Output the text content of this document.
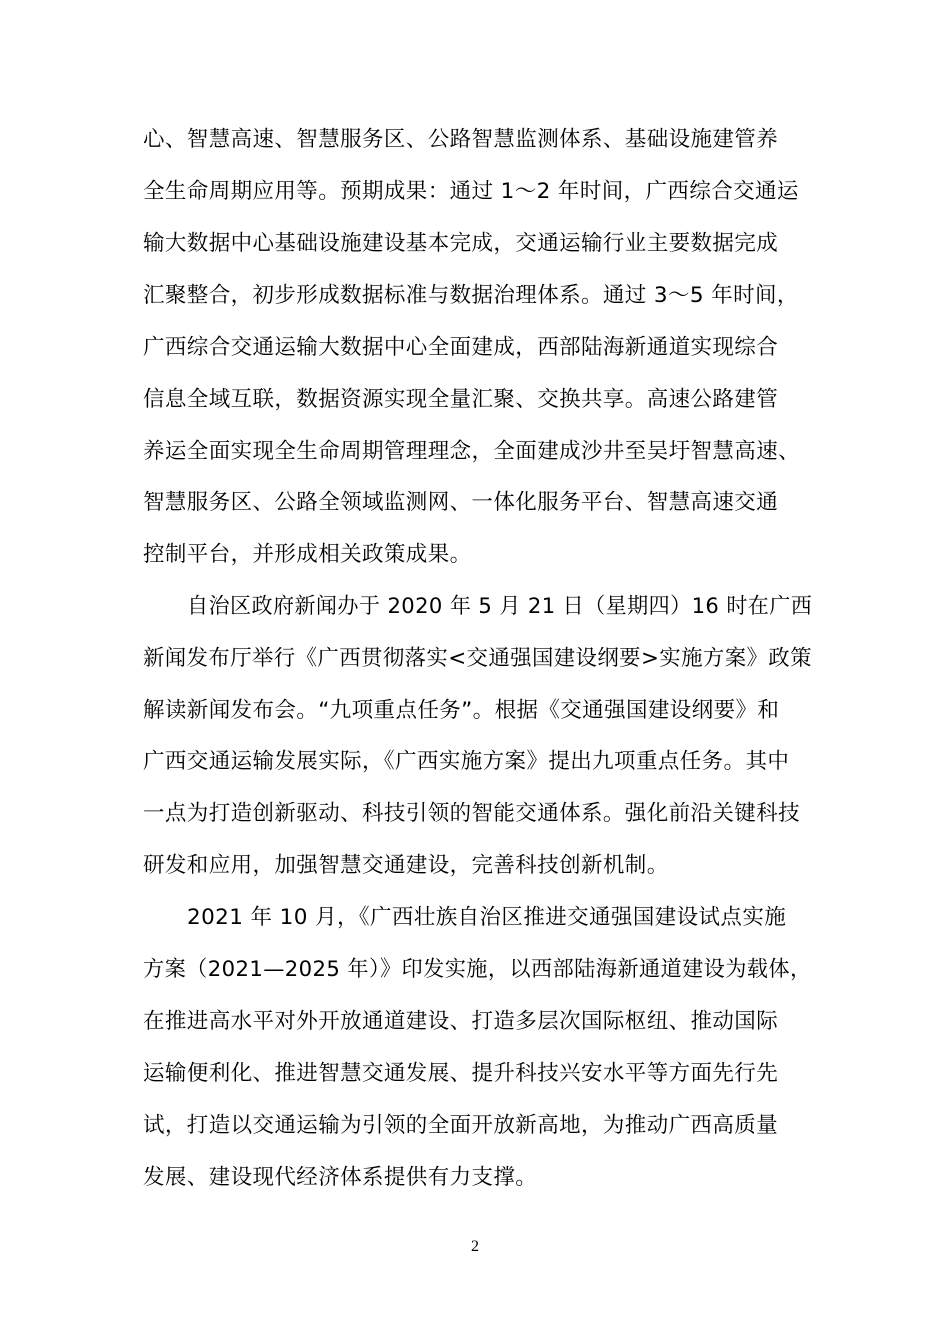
心、智慧高速、智慧服务区、公路智慧监测体系、基础设施建管养
全生命周期应用等。预期成果：通过 1～2 年时间，广西综合交通运
输大数据中心基础设施建设基本完成，交通运输行业主要数据完成
汇聚整合，初步形成数据标准与数据治理体系。通过 3～5 年时间，
广西综合交通运输大数据中心全面建成，西部陆海新通道实现综合
信息全域互联，数据资源实现全量汇聚、交换共享。高速公路建管
养运全面实现全生命周期管理理念，全面建成沙井至吴圩智慧高速、
智慧服务区、公路全领域监测网、一体化服务平台、智慧高速交通
控制平台，并形成相关政策成果。
自治区政府新闻办于 2020 年 5 月 21 日（星期四）16 时在广西
新闻发布厅举行《广西贯彻落实<交通强国建设纲要>实施方案》政策
解读新闻发布会。“九项重点任务”。根据《交通强国建设纲要》和
广西交通运输发展实际，《广西实施方案》提出九项重点任务。其中
一点为打造创新驱动、科技引领的智能交通体系。强化前沿关键科技
研发和应用，加强智慧交通建设，完善科技创新机制。
2021 年 10 月，《广西壮族自治区推进交通强国建设试点实施
方案（2021—2025 年）》印发实施，以西部陆海新通道建设为载体，
在推进高水平对外开放通道建设、打造多层次国际枢纽、推动国际
运输便利化、推进智慧交通发展、提升科技兴安水平等方面先行先
试，打造以交通运输为引领的全面开放新高地，为推动广西高质量
发展、建设现代经济体系提供有力支撑。
2
